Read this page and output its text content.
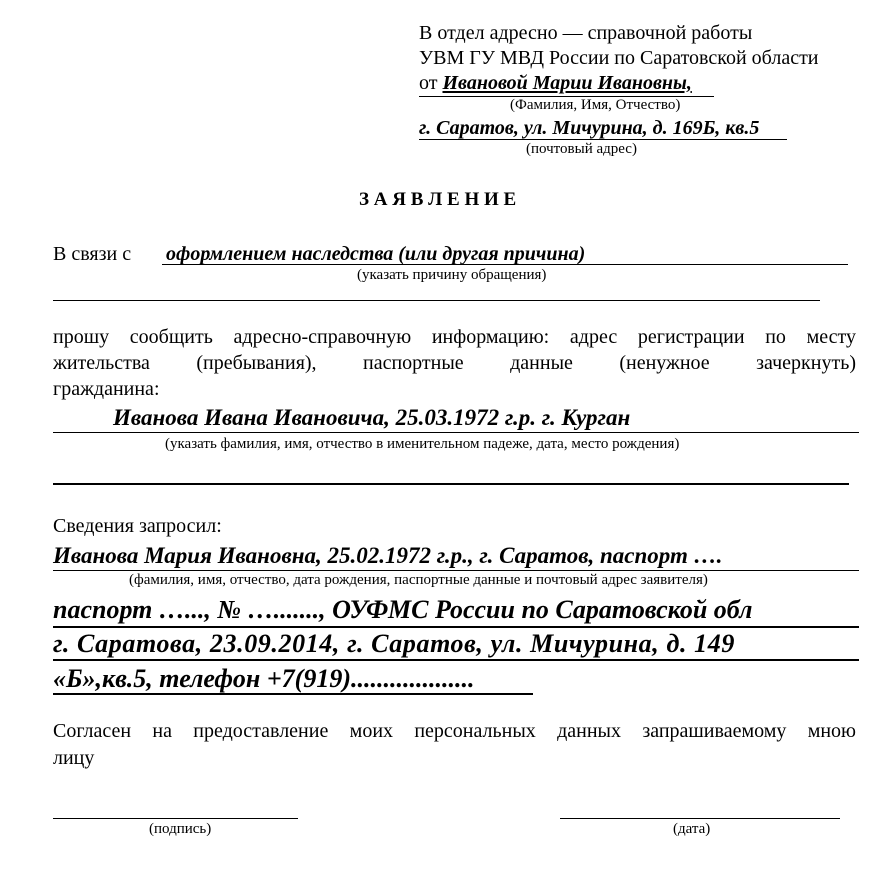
В отдел адресно — справочной работы
УВМ ГУ МВД России по Саратовской области
от Ивановой Марии Ивановны,
(Фамилия, Имя, Отчество)
г. Саратов, ул. Мичурина, д. 169Б, кв.5
(почтовый адрес)
З А Я В Л Е Н И Е
В связи с оформлением наследства (или другая причина)
(указать причину обращения)
прошу сообщить адресно-справочную информацию: адрес регистрации по месту
жительства (пребывания), паспортные данные (ненужное зачеркнуть)
гражданина:
Иванова Ивана Ивановича, 25.03.1972 г.р. г. Курган
(указать фамилия, имя, отчество в именительном падеже, дата, место рождения)
Сведения запросил:
Иванова Мария Ивановна, 25.02.1972 г.р., г. Саратов, паспорт ….
(фамилия, имя, отчество, дата рождения, паспортные данные и почтовый адрес заявителя)
паспорт …..., № …......., ОУФМС России по Саратовской обл
г. Саратова, 23.09.2014, г. Саратов, ул. Мичурина, д. 149
«Б»,кв.5, телефон +7(919)...................
Согласен на предоставление моих персональных данных запрашиваемому мною
лицу
(подпись)	(дата)
